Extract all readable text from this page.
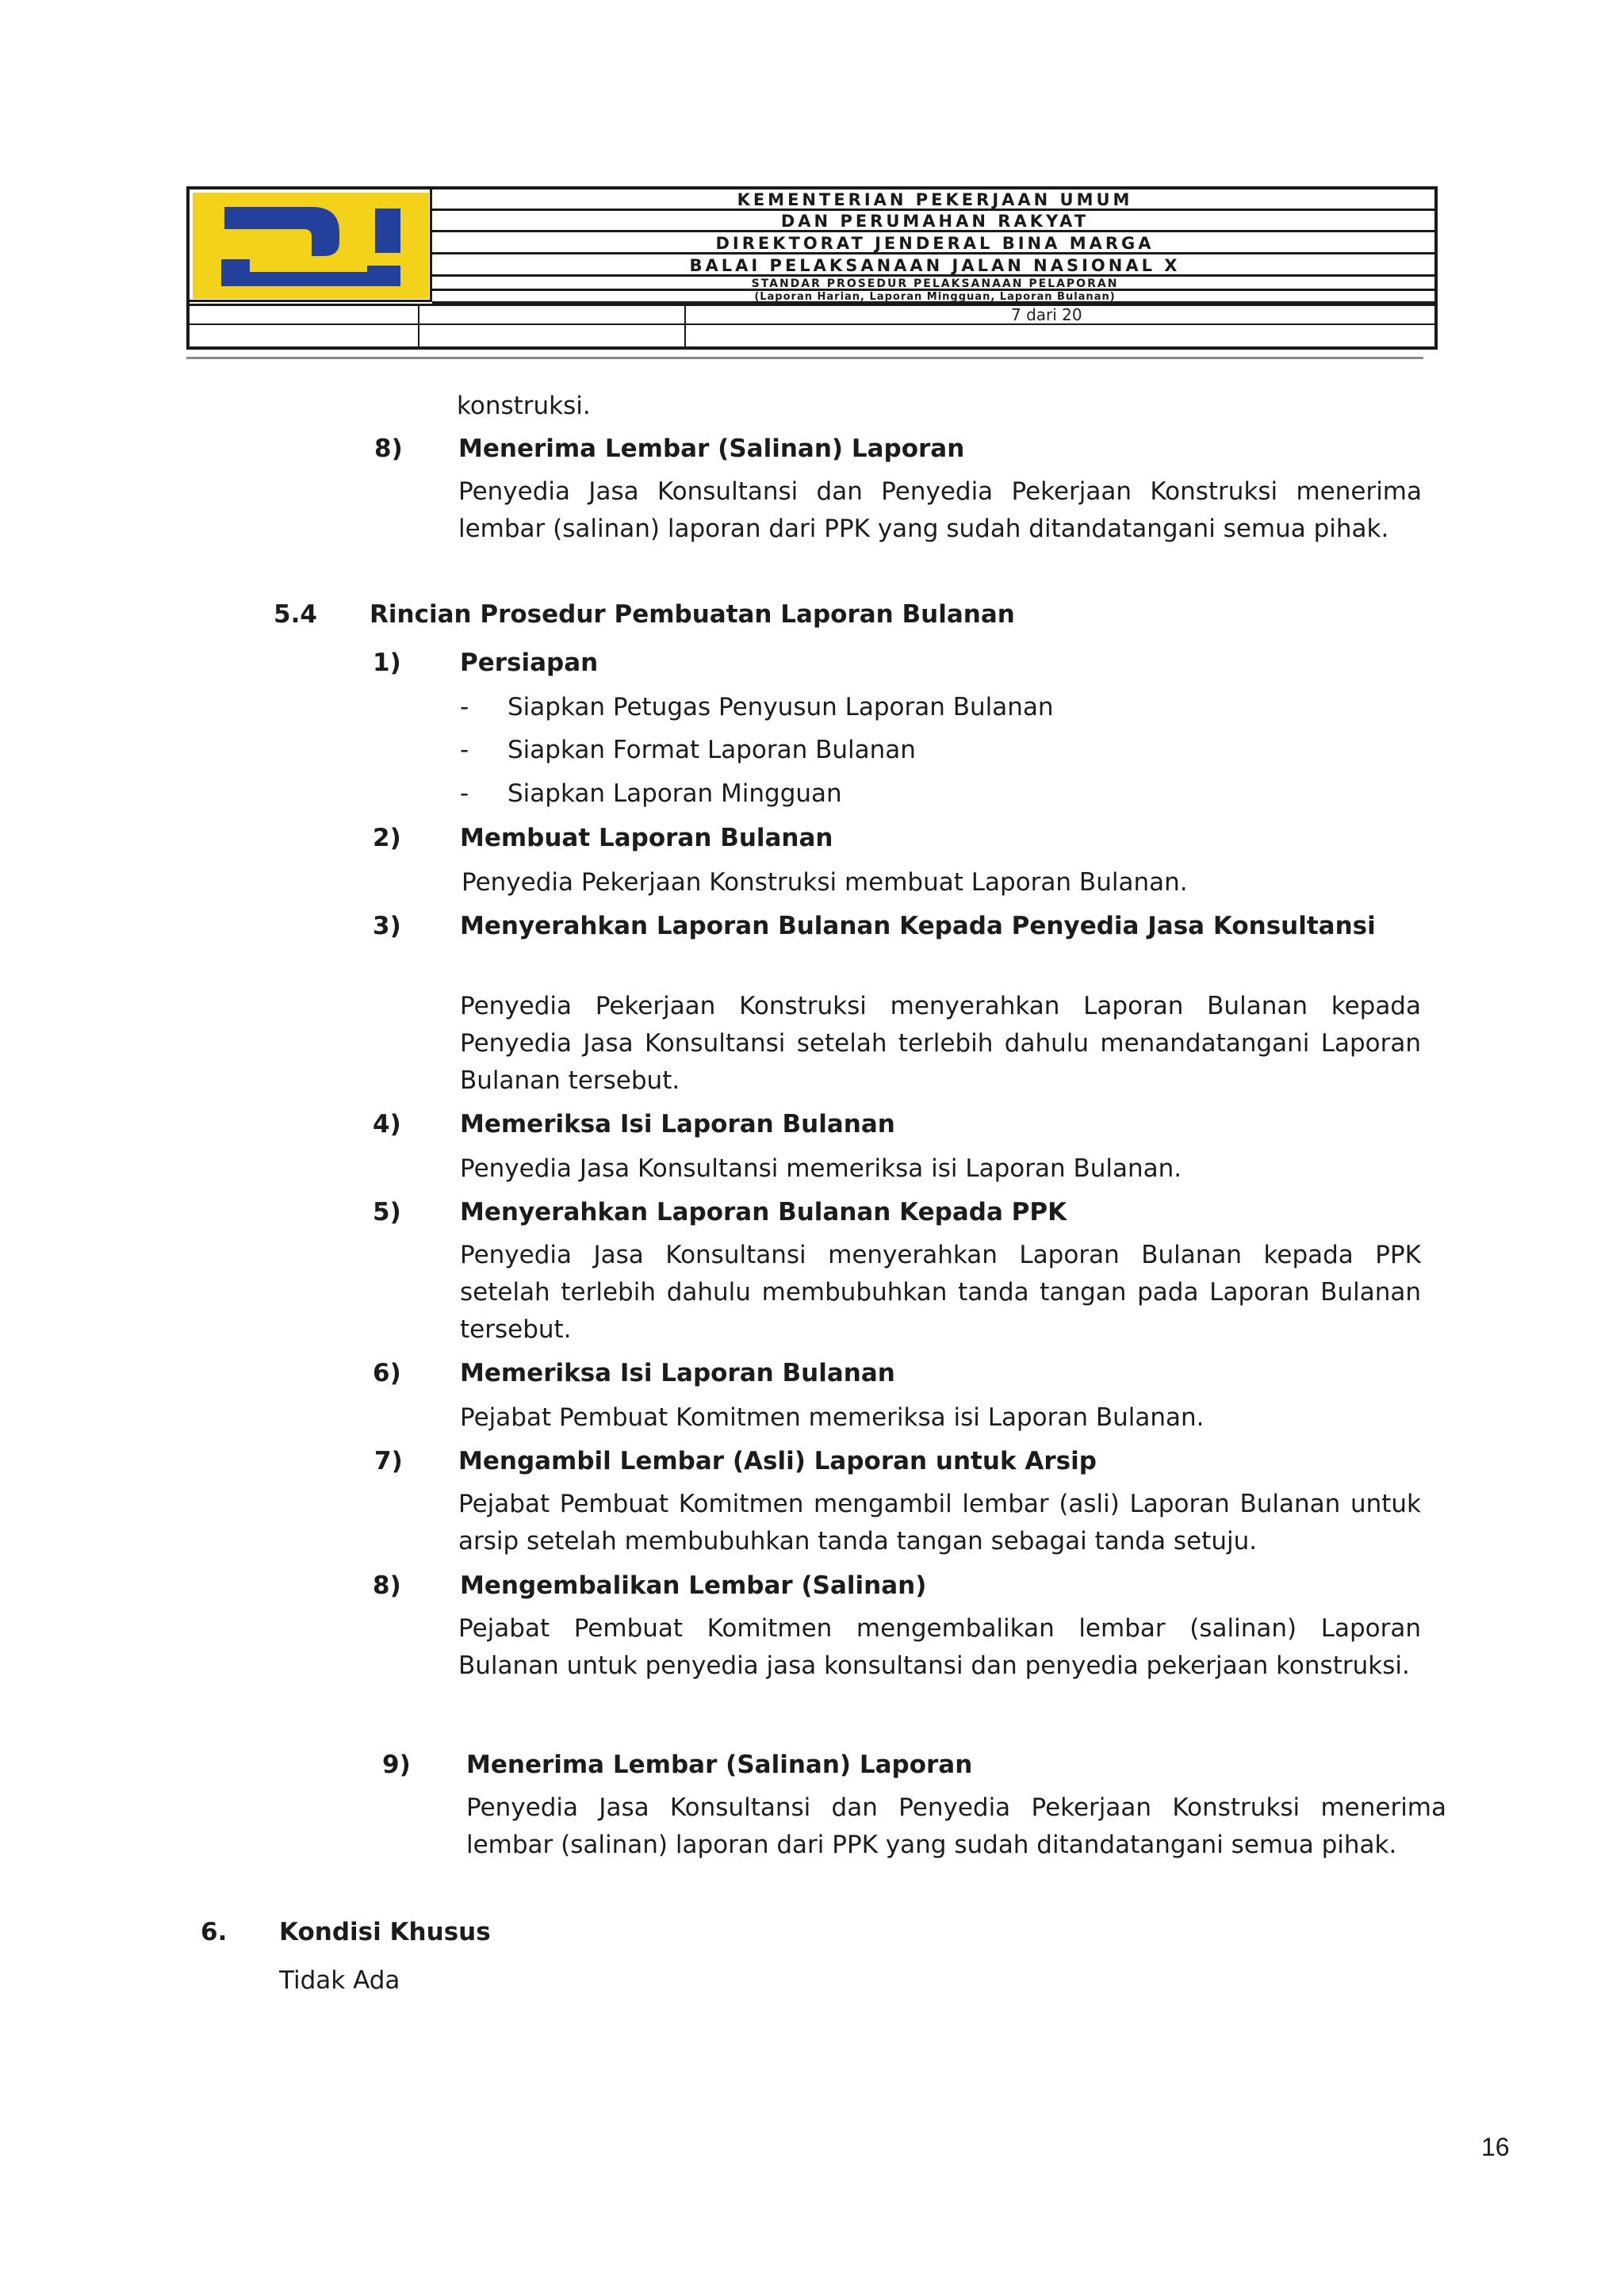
KEMENTERIAN PEKERJAAN UMUM
DAN PERUMAHAN RAKYAT
DIREKTORAT JENDERAL BINA MARGA
BALAI PELAKSANAAN JALAN NASIONAL X
STANDAR PROSEDUR PELAKSANAAN PELAPORAN
(Laporan Harian, Laporan Mingguan, Laporan Bulanan)
7 dari 20
konstruksi.
8) Menerima Lembar (Salinan) Laporan
Penyedia Jasa Konsultansi dan Penyedia Pekerjaan Konstruksi menerima lembar (salinan) laporan dari PPK yang sudah ditandatangani semua pihak.
5.4 Rincian Prosedur Pembuatan Laporan Bulanan
1) Persiapan
- Siapkan Petugas Penyusun Laporan Bulanan
- Siapkan Format Laporan Bulanan
- Siapkan Laporan Mingguan
2) Membuat Laporan Bulanan
Penyedia Pekerjaan Konstruksi membuat Laporan Bulanan.
3) Menyerahkan Laporan Bulanan Kepada Penyedia Jasa Konsultansi
Penyedia Pekerjaan Konstruksi menyerahkan Laporan Bulanan kepada Penyedia Jasa Konsultansi setelah terlebih dahulu menandatangani Laporan Bulanan tersebut.
4) Memeriksa Isi Laporan Bulanan
Penyedia Jasa Konsultansi memeriksa isi Laporan Bulanan.
5) Menyerahkan Laporan Bulanan Kepada PPK
Penyedia Jasa Konsultansi menyerahkan Laporan Bulanan kepada PPK setelah terlebih dahulu membubuhkan tanda tangan pada Laporan Bulanan tersebut.
6) Memeriksa Isi Laporan Bulanan
Pejabat Pembuat Komitmen memeriksa isi Laporan Bulanan.
7) Mengambil Lembar (Asli) Laporan untuk Arsip
Pejabat Pembuat Komitmen mengambil lembar (asli) Laporan Bulanan untuk arsip setelah membubuhkan tanda tangan sebagai tanda setuju.
8) Mengembalikan Lembar (Salinan)
Pejabat Pembuat Komitmen mengembalikan lembar (salinan) Laporan Bulanan untuk penyedia jasa konsultansi dan penyedia pekerjaan konstruksi.
9) Menerima Lembar (Salinan) Laporan
Penyedia Jasa Konsultansi dan Penyedia Pekerjaan Konstruksi menerima lembar (salinan) laporan dari PPK yang sudah ditandatangani semua pihak.
6. Kondisi Khusus
Tidak Ada
16
